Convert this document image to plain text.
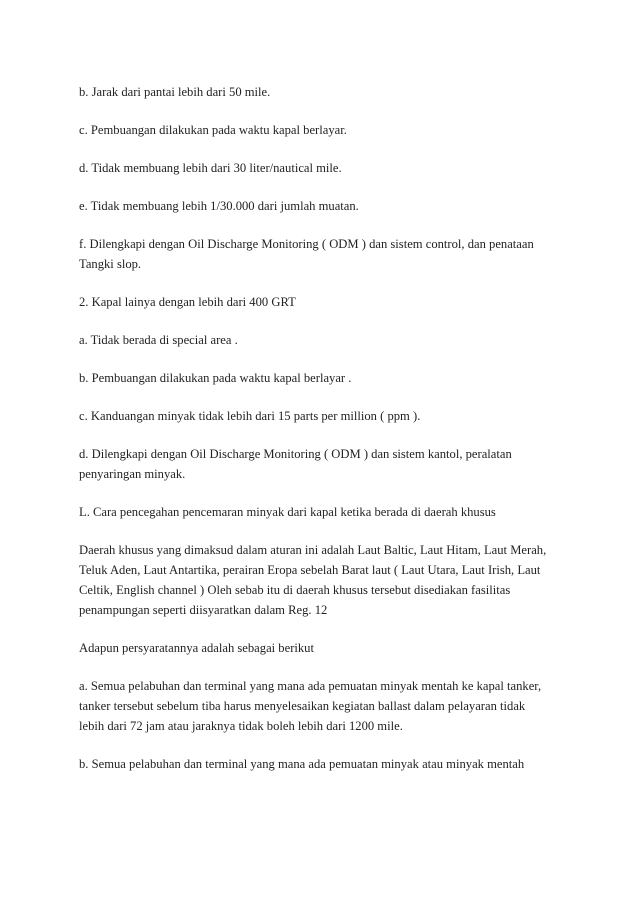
b. Jarak dari pantai lebih dari 50 mile.

c. Pembuangan dilakukan pada waktu kapal berlayar.

d. Tidak membuang lebih dari 30 liter/nautical mile.

e. Tidak membuang lebih 1/30.000 dari jumlah muatan.

f. Dilengkapi dengan Oil Discharge Monitoring ( ODM ) dan sistem control, dan penataan
Tangki slop.

2. Kapal lainya dengan lebih dari 400 GRT

a. Tidak berada di special area .

b. Pembuangan dilakukan pada waktu kapal berlayar .

c. Kanduangan minyak tidak lebih dari 15 parts per million ( ppm ).

d. Dilengkapi dengan Oil Discharge Monitoring ( ODM ) dan sistem kantol, peralatan
penyaringan minyak.

L. Cara pencegahan pencemaran minyak dari kapal ketika berada di daerah khusus

Daerah khusus yang dimaksud dalam aturan ini adalah Laut Baltic, Laut Hitam, Laut Merah,
Teluk Aden, Laut Antartika, perairan Eropa sebelah Barat laut ( Laut Utara, Laut Irish, Laut
Celtik, English channel ) Oleh sebab itu di daerah khusus tersebut disediakan fasilitas
penampungan seperti diisyaratkan dalam Reg. 12

Adapun persyaratannya adalah sebagai berikut

a. Semua pelabuhan dan terminal yang mana ada pemuatan minyak mentah ke kapal tanker,
tanker tersebut sebelum tiba harus menyelesaikan kegiatan ballast dalam pelayaran tidak
lebih dari 72 jam atau jaraknya tidak boleh lebih dari 1200 mile.

b. Semua pelabuhan dan terminal yang mana ada pemuatan minyak atau minyak mentah
